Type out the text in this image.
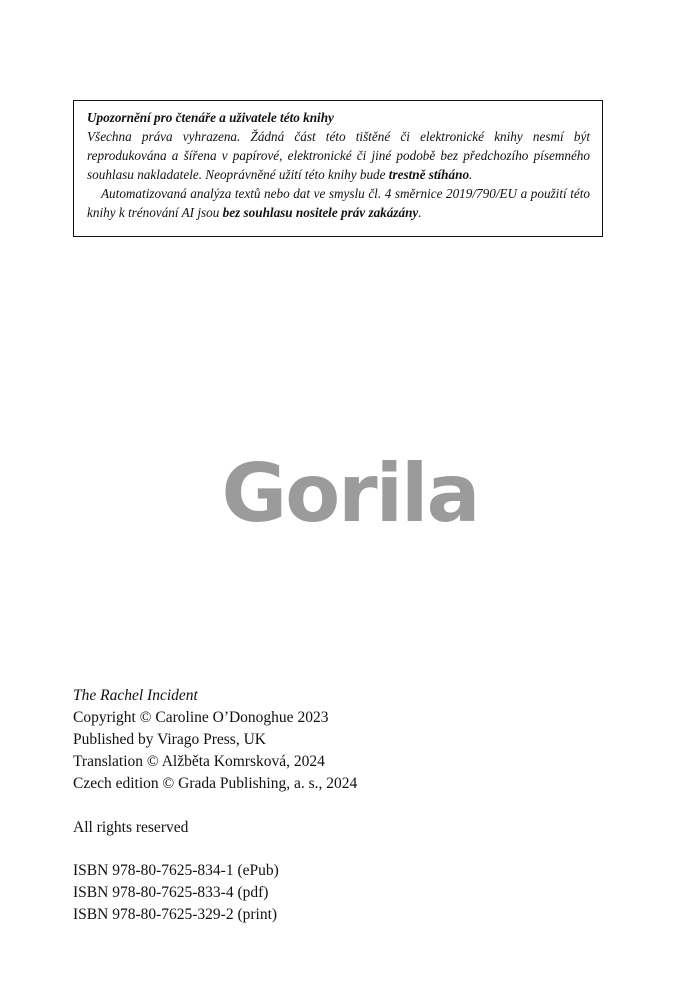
Upozornění pro čtenáře a uživatele této knihy

Všechna práva vyhrazena. Žádná část této tištěné či elektronické knihy nesmí být reprodukována a šířena v papírové, elektronické či jiné podobě bez předchozího písemného souhlasu nakladatele. Neoprávněné užití této knihy bude trestně stíháno.

Automatizovaná analýza textů nebo dat ve smyslu čl. 4 směrnice 2019/790/EU a použití této knihy k trénování AI jsou bez souhlasu nositele práv zakázány.

Gorila
The Rachel Incident
Copyright © Caroline O’Donoghue 2023
Published by Virago Press, UK
Translation © Alžběta Komrsková, 2024
Czech edition © Grada Publishing, a. s., 2024
All rights reserved
ISBN 978-80-7625-834-1 (ePub)
ISBN 978-80-7625-833-4 (pdf)
ISBN 978-80-7625-329-2 (print)
